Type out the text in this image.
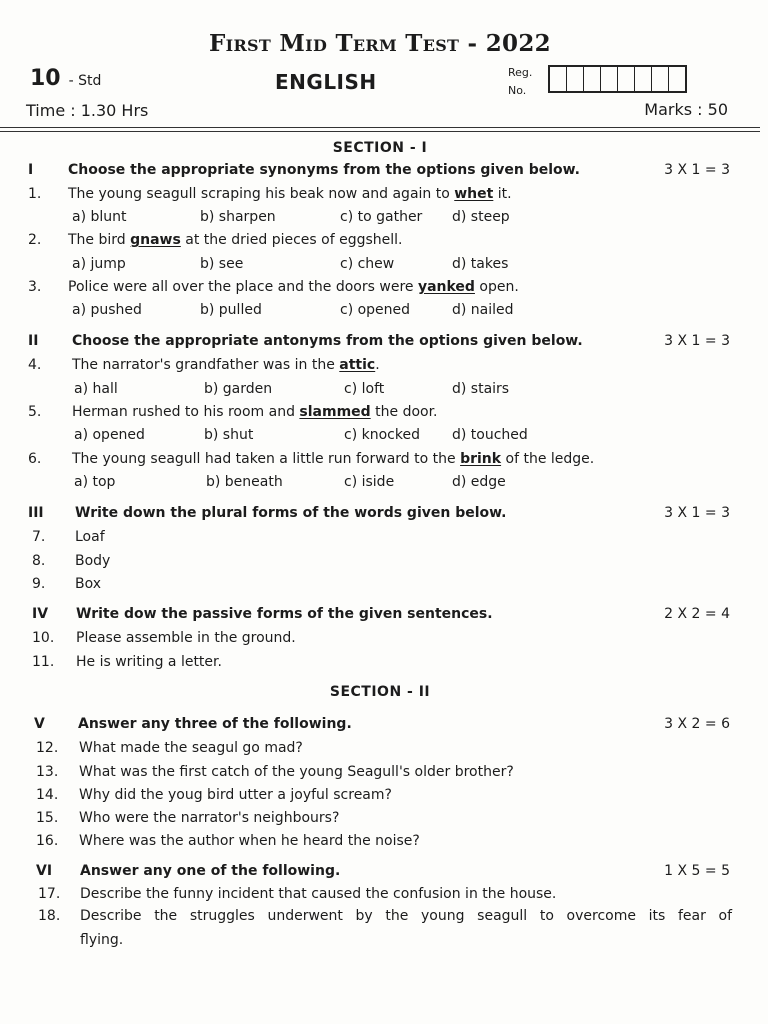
First Mid Term Test - 2022
10 - Std	ENGLISH	Reg.
No.
Time : 1.30 Hrs	Marks : 50
SECTION - I
I Choose the appropriate synonyms from the options given below.	3 X 1 = 3
1. The young seagull scraping his beak now and again to whet it.
a) blunt	b) sharpen	c) to gather d) steep
2. The bird gnaws at the dried pieces of eggshell.
a) jump	b) see	c) chew	d) takes
3. Police were all over the place and the doors were yanked open.
a) pushed	b) pulled	c) opened	d) nailed
II Choose the appropriate antonyms from the options given below.	3 X 1 = 3
4. The narrator's grandfather was in the attic.
a) hall	b) garden	c) loft	d) stairs
5. Herman rushed to his room and slammed the door.
a) opened	b) shut	c) knocked d) touched
6. The young seagull had taken a little run forward to the brink of the ledge.
a) top	b) beneath	c) iside	d) edge
III Write down the plural forms of the words given below.	3 X 1 = 3
7. Loaf
8. Body
9. Box
IV Write dow the passive forms of the given sentences.	2 X 2 = 4
10. Please assemble in the ground.
11. He is writing a letter.
SECTION - II
V Answer any three of the following.	3 X 2 = 6
12. What made the seagul go mad?
13. What was the first catch of the young Seagull's older brother?
14. Why did the youg bird utter a joyful scream?
15. Who were the narrator's neighbours?
16. Where was the author when he heard the noise?
VI Answer any one of the following.	1 X 5 = 5
17. Describe the funny incident that caused the confusion in the house.
18. Describe the struggles underwent by the young seagull to overcome its fear of
flying.
